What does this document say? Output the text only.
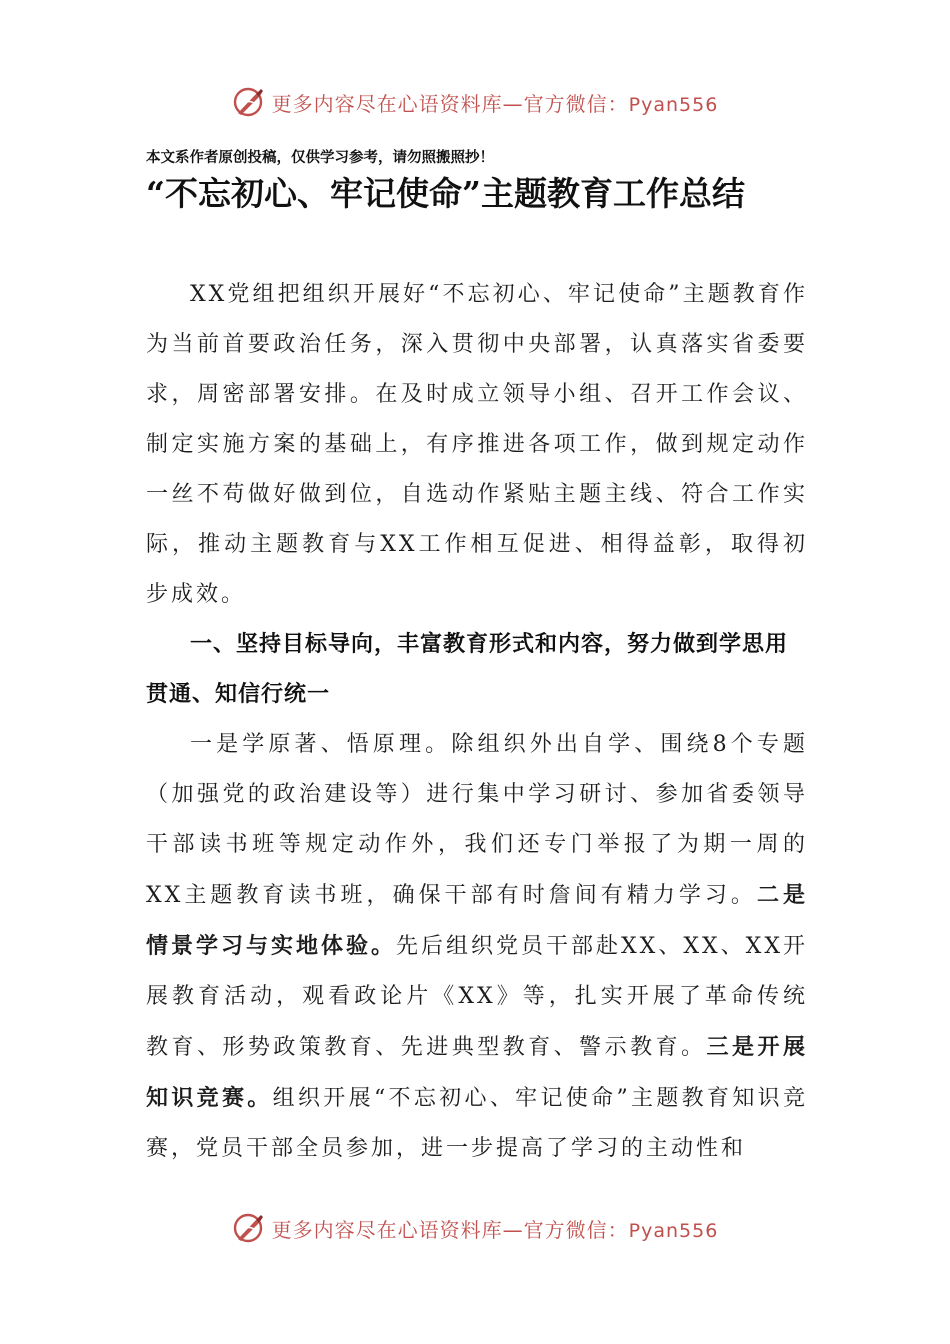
更多内容尽在心语资料库—官方微信：Pyan556
本文系作者原创投稿，仅供学习参考，请勿照搬照抄！
“不忘初心、牢记使命”主题教育工作总结

XX党组把组织开展好“不忘初心、牢记使命”主题教育作为当前首要政治任务，深入贯彻中央部署，认真落实省委要求，周密部署安排。在及时成立领导小组、召开工作会议、制定实施方案的基础上，有序推进各项工作，做到规定动作一丝不苟做好做到位，自选动作紧贴主题主线、符合工作实际，推动主题教育与XX工作相互促进、相得益彰，取得初步成效。

一、坚持目标导向，丰富教育形式和内容，努力做到学思用贯通、知信行统一

一是学原著、悟原理。除组织外出自学、围绕8个专题（加强党的政治建设等）进行集中学习研讨、参加省委领导干部读书班等规定动作外，我们还专门举报了为期一周的XX主题教育读书班，确保干部有时詹间有精力学习。二是情景学习与实地体验。先后组织党员干部赴XX、XX、XX开展教育活动，观看政论片《XX》等，扎实开展了革命传统教育、形势政策教育、先进典型教育、警示教育。三是开展知识竞赛。组织开展“不忘初心、牢记使命”主题教育知识竞赛，党员干部全员参加，进一步提高了学习的主动性和

更多内容尽在心语资料库—官方微信：Pyan556
